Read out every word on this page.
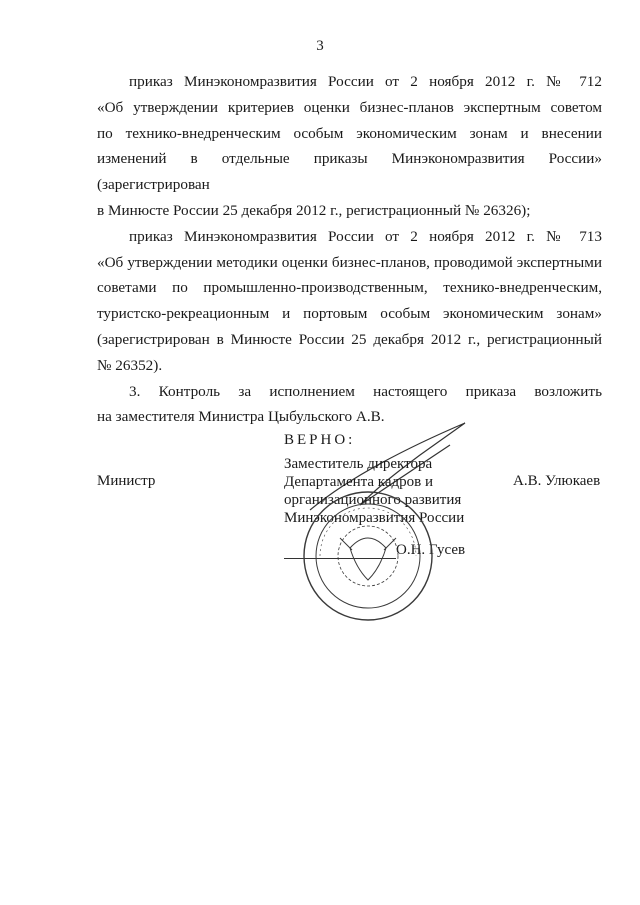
3

приказ Минэкономразвития России от 2 ноября 2012 г. № 712
«Об утверждении критериев оценки бизнес-планов экспертным советом
по технико-внедренческим особым экономическим зонам и внесении
изменений в отдельные приказы Минэкономразвития России» (зарегистрирован
в Минюсте России 25 декабря 2012 г., регистрационный № 26326);

приказ Минэкономразвития России от 2 ноября 2012 г. № 713
«Об утверждении методики оценки бизнес-планов, проводимой экспертными
советами по промышленно-производственным, технико-внедренческим,
туристско-рекреационным и портовым особым экономическим зонам»
(зарегистрирован в Минюсте России 25 декабря 2012 г., регистрационный
№ 26352).

3. Контроль за исполнением настоящего приказа возложить
на заместителя Министра Цыбульского А.В.

ВЕРНО:
Заместитель директора
Департамента кадров и
организационного развития
Минэкономразвития России
Министр	А.В. Улюкаев
О.Н. Гусев
